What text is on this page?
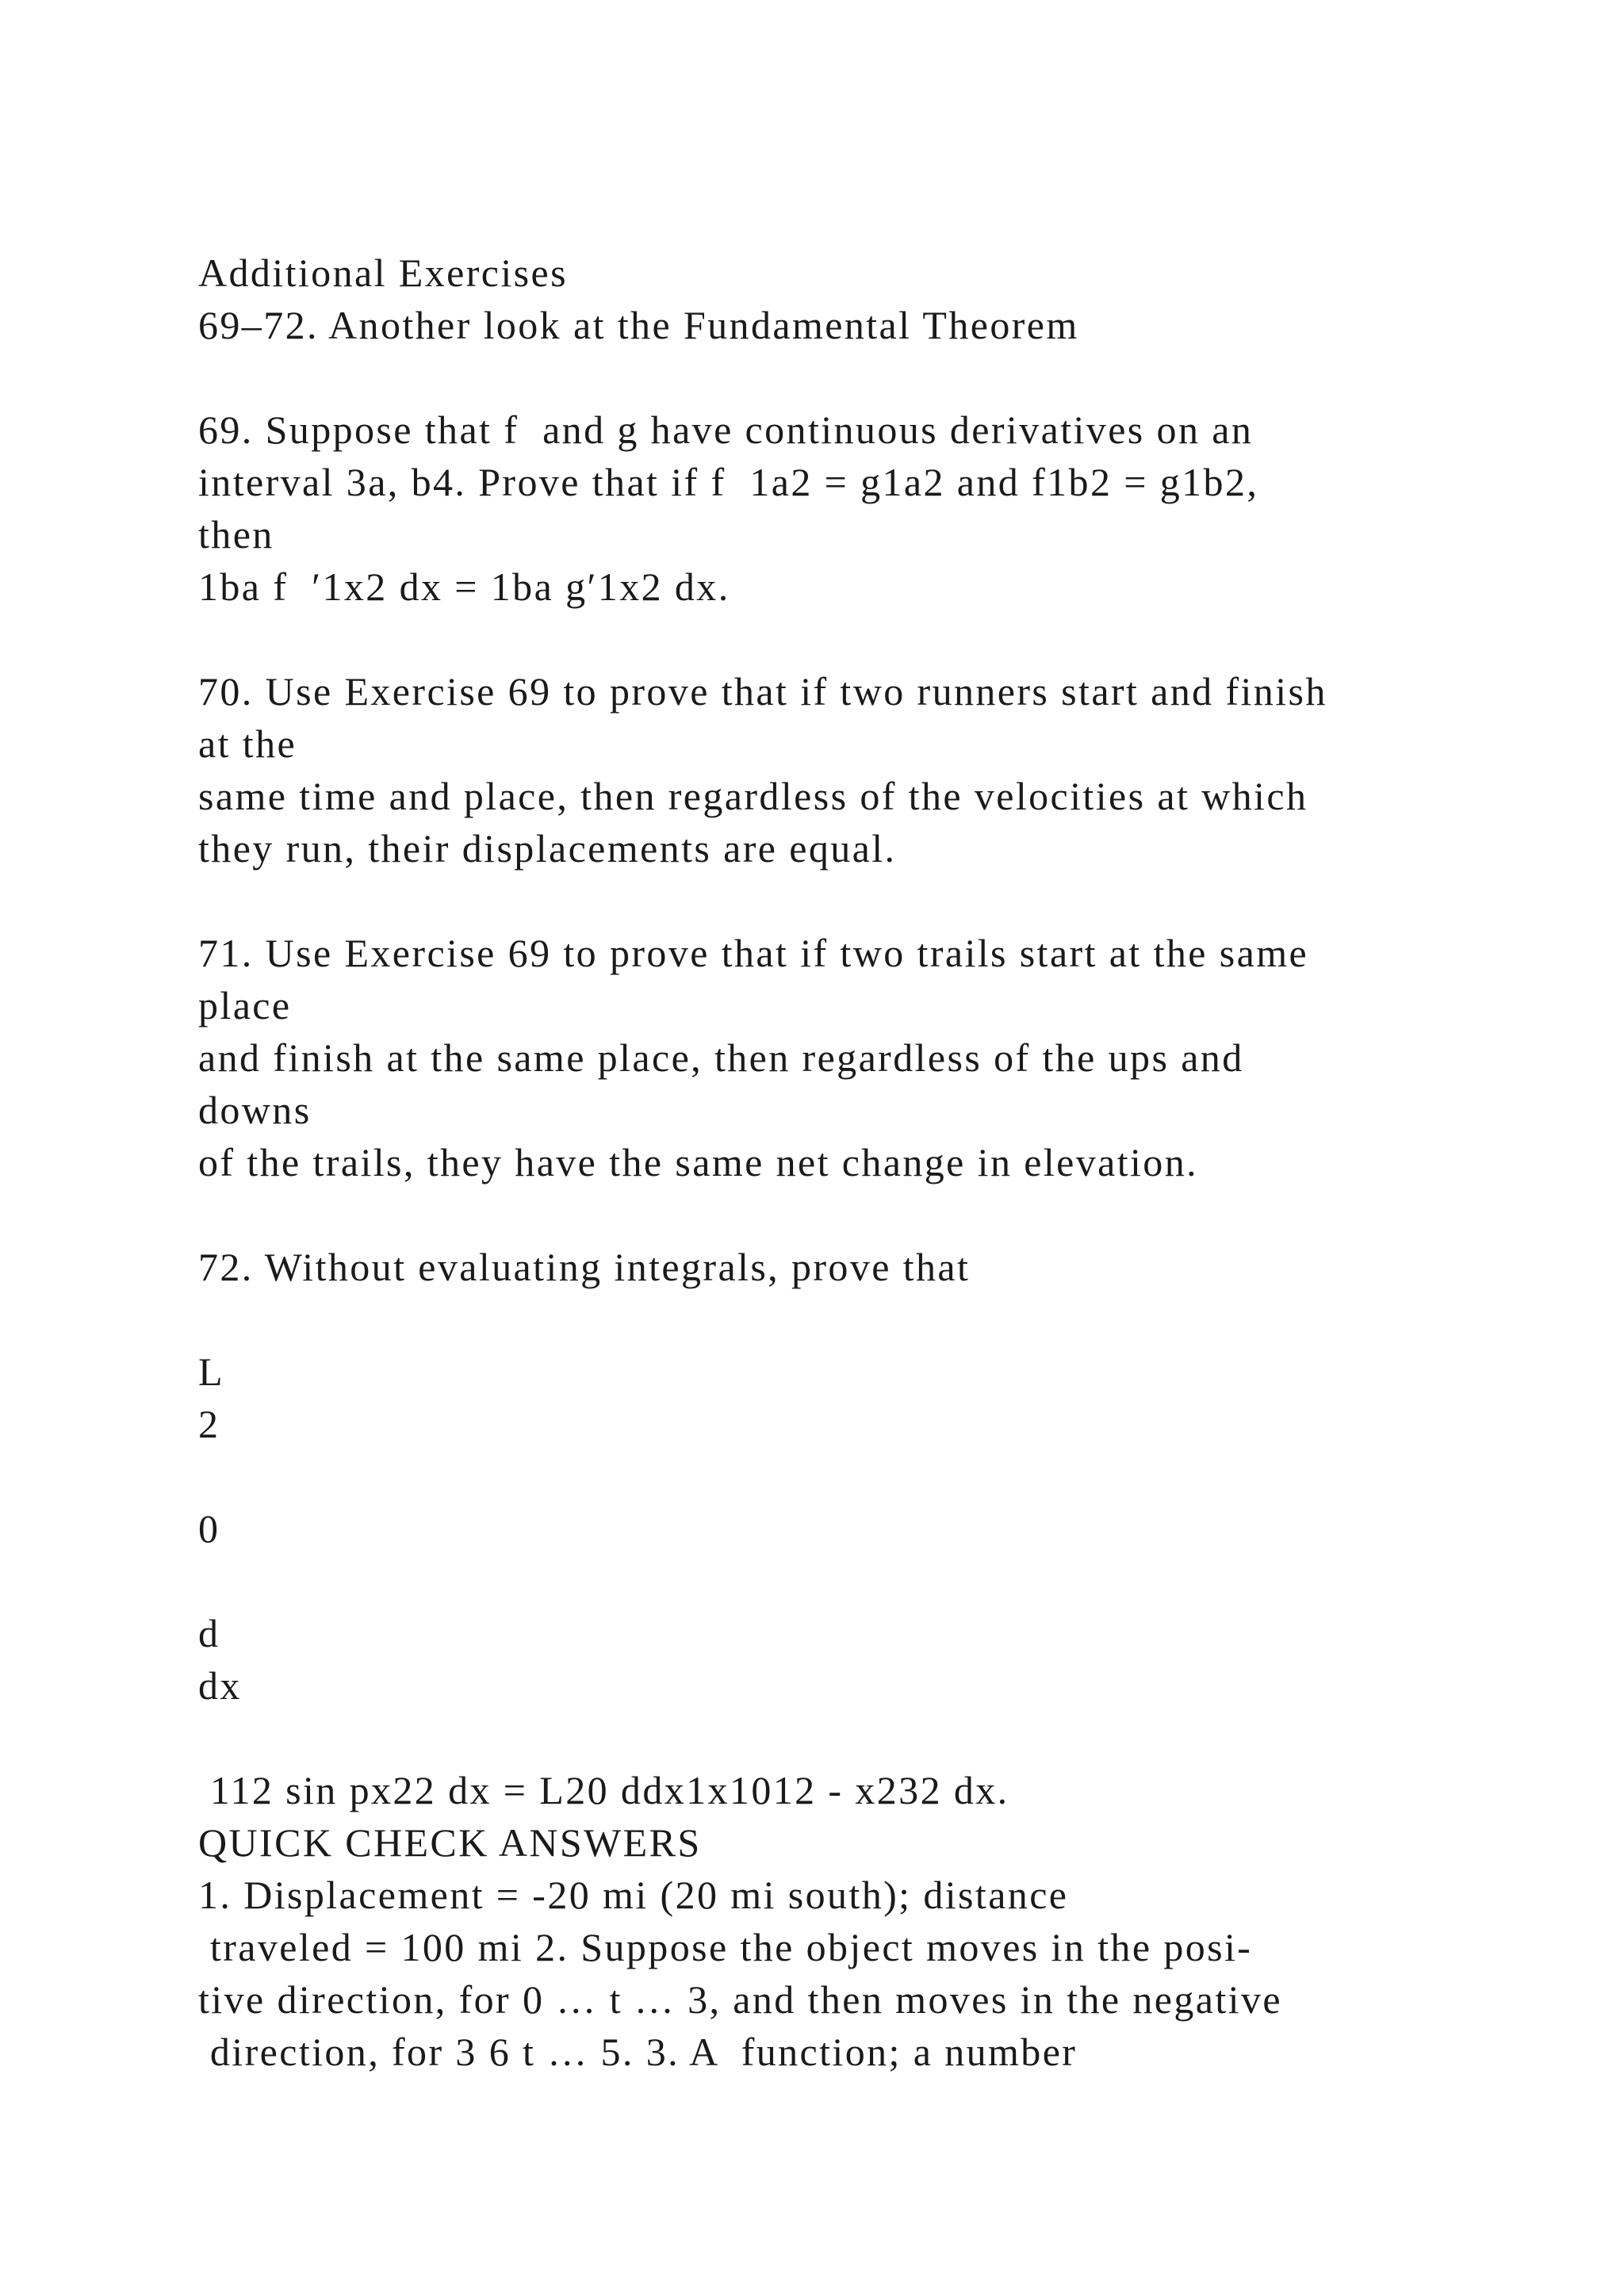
Additional Exercises
69–72. Another look at the Fundamental Theorem
69. Suppose that f  and g have continuous derivatives on an
interval 3a, b4. Prove that if f  1a2 = g1a2 and f1b2 = g1b2,
then
1ba f  ′1x2 dx = 1ba g′1x2 dx.
70. Use Exercise 69 to prove that if two runners start and finish
at the
same time and place, then regardless of the velocities at which
they run, their displacements are equal.
71. Use Exercise 69 to prove that if two trails start at the same
place
and finish at the same place, then regardless of the ups and
downs
of the trails, they have the same net change in elevation.
72. Without evaluating integrals, prove that
L
2
0
d
dx
112 sin px22 dx = L20 ddx1x1012 - x232 dx.
QUICK CHECK ANSWERS
1. Displacement = -20 mi (20 mi south); distance
traveled = 100 mi 2. Suppose the object moves in the posi-
tive direction, for 0 … t … 3, and then moves in the negative
direction, for 3 6 t … 5. 3. A  function; a number
